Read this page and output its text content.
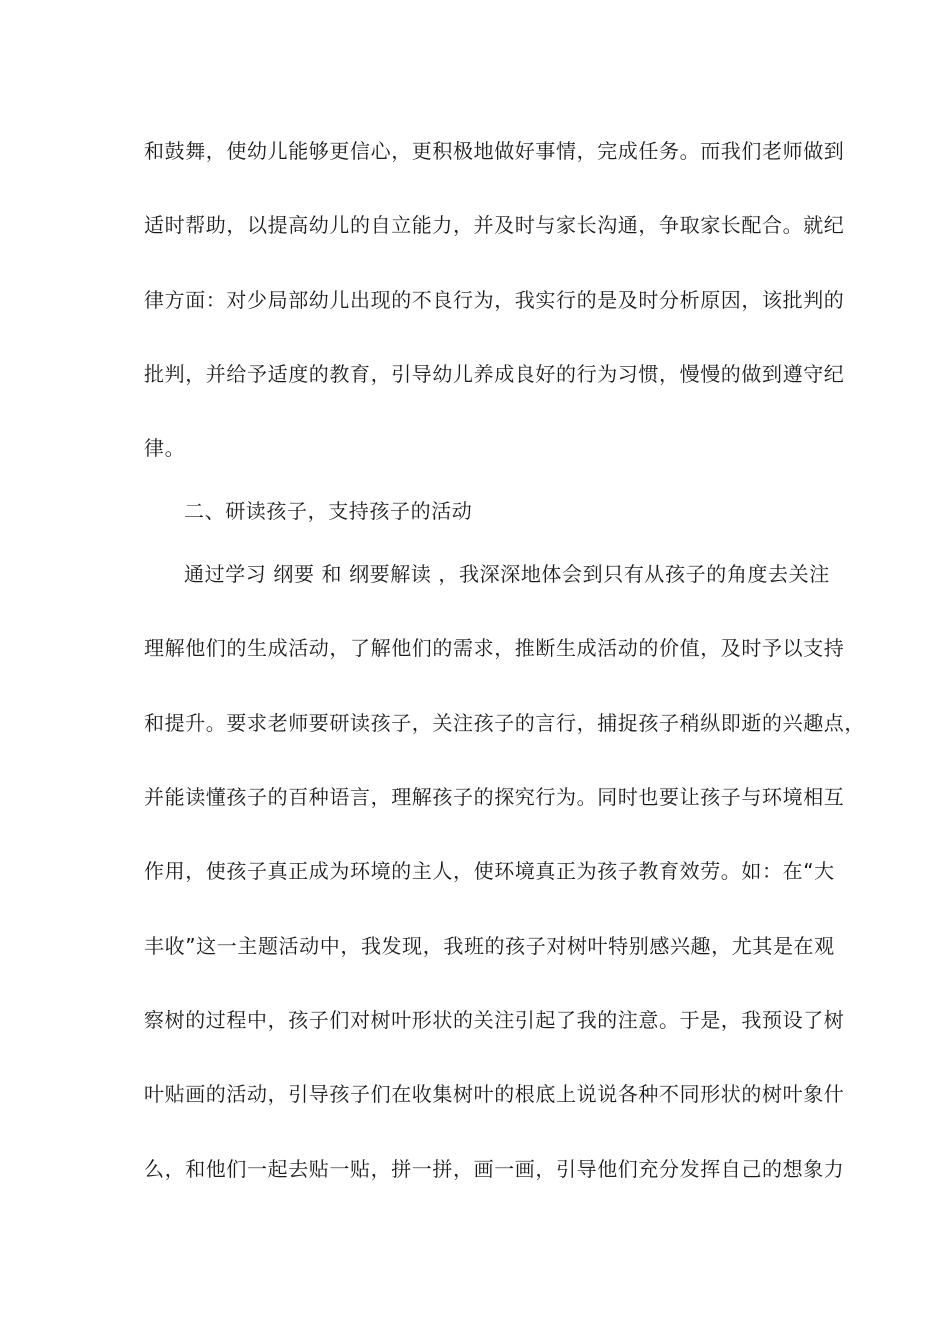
和鼓舞，使幼儿能够更信心，更积极地做好事情，完成任务。而我们老师做到
适时帮助，以提高幼儿的自立能力，并及时与家长沟通，争取家长配合。就纪
律方面：对少局部幼儿出现的不良行为，我实行的是及时分析原因，该批判的
批判，并给予适度的教育，引导幼儿养成良好的行为习惯，慢慢的做到遵守纪
律。
二、研读孩子，支持孩子的活动
通过学习 纲要 和 纲要解读 ，我深深地体会到只有从孩子的角度去关注
理解他们的生成活动，了解他们的需求，推断生成活动的价值，及时予以支持
和提升。要求老师要研读孩子，关注孩子的言行，捕捉孩子稍纵即逝的兴趣点，
并能读懂孩子的百种语言，理解孩子的探究行为。同时也要让孩子与环境相互
作用，使孩子真正成为环境的主人，使环境真正为孩子教育效劳。如：在“大
丰收”这一主题活动中，我发现，我班的孩子对树叶特别感兴趣，尤其是在观
察树的过程中，孩子们对树叶形状的关注引起了我的注意。于是，我预设了树
叶贴画的活动，引导孩子们在收集树叶的根底上说说各种不同形状的树叶象什
么，和他们一起去贴一贴，拼一拼，画一画，引导他们充分发挥自己的想象力
